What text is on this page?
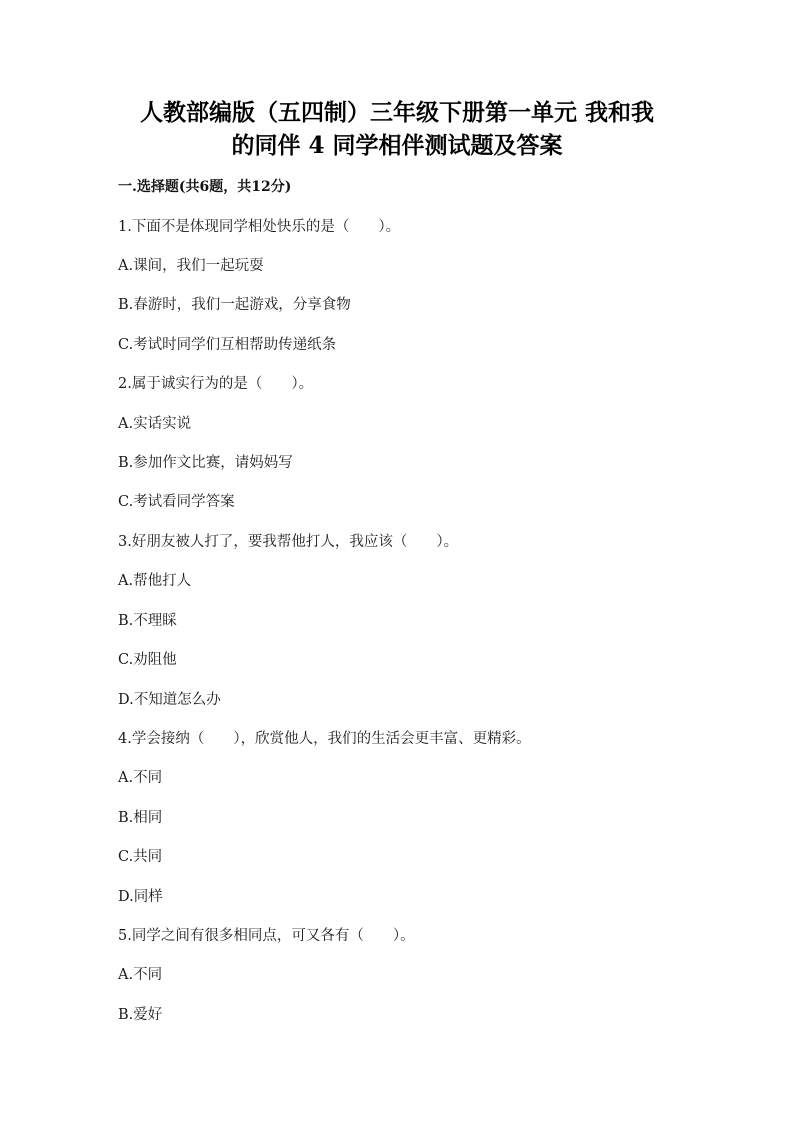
人教部编版（五四制）三年级下册第一单元 我和我
的同伴 4 同学相伴测试题及答案
一.选择题(共6题，共12分)
1.下面不是体现同学相处快乐的是（　　）。
A.课间，我们一起玩耍
B.春游时，我们一起游戏，分享食物
C.考试时同学们互相帮助传递纸条
2.属于诚实行为的是（　　）。
A.实话实说
B.参加作文比赛，请妈妈写
C.考试看同学答案
3.好朋友被人打了，要我帮他打人，我应该（　　）。
A.帮他打人
B.不理睬
C.劝阻他
D.不知道怎么办
4.学会接纳（　　），欣赏他人，我们的生活会更丰富、更精彩。
A.不同
B.相同
C.共同
D.同样
5.同学之间有很多相同点，可又各有（　　）。
A.不同
B.爱好
